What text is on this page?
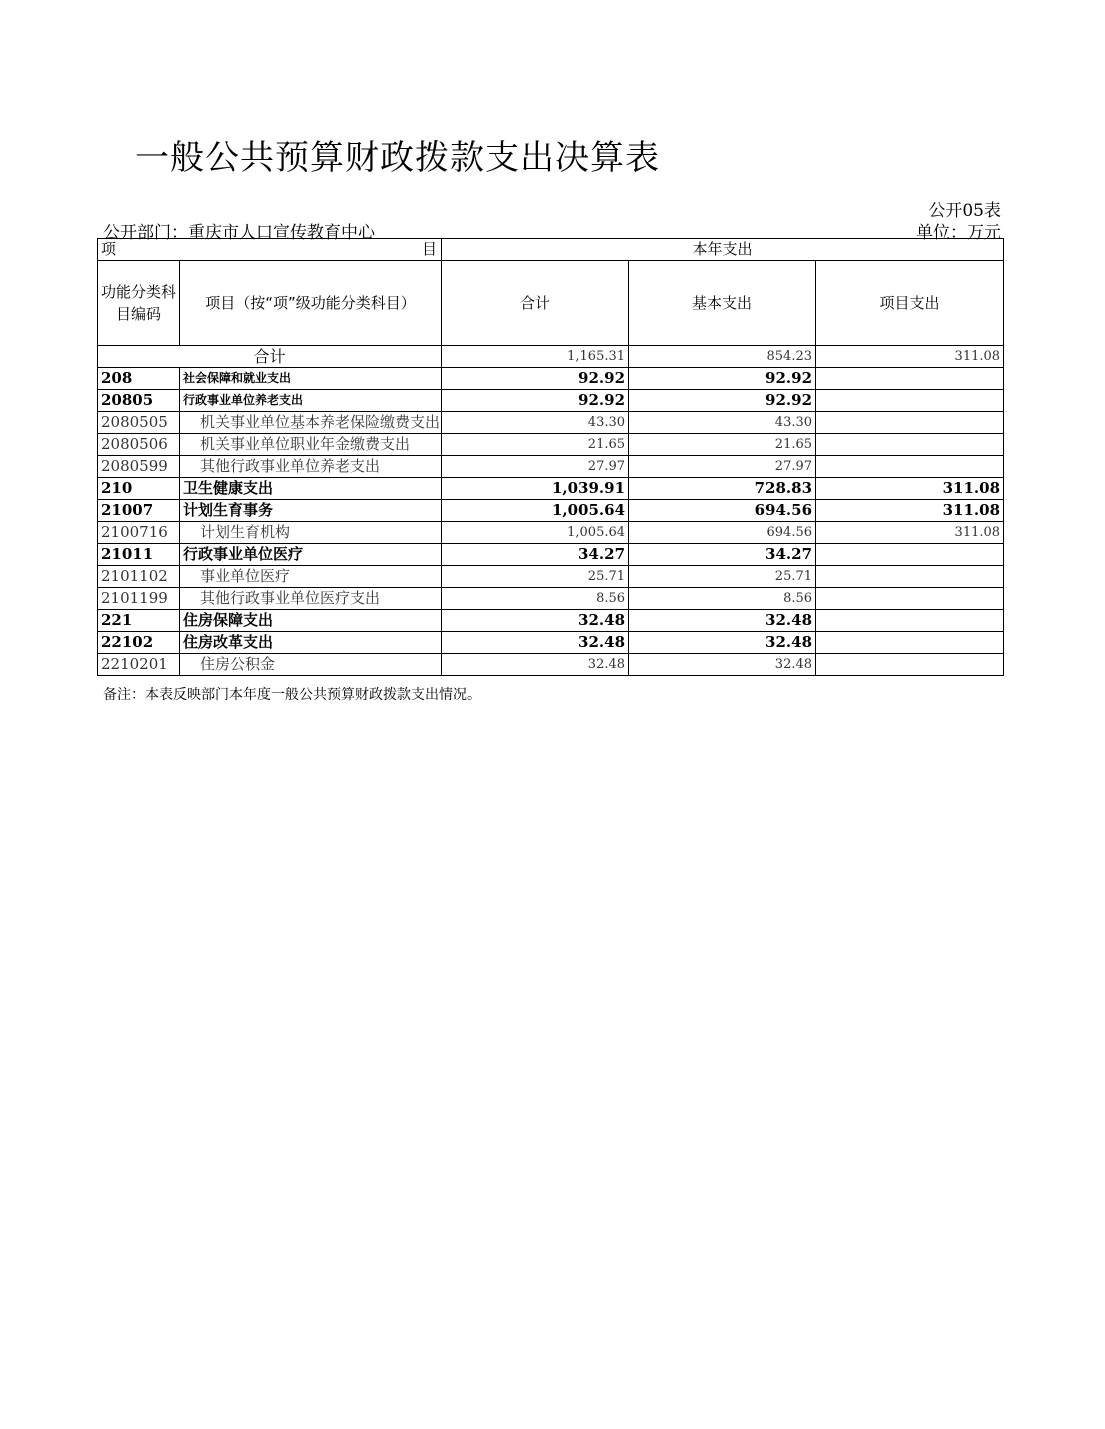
一般公共预算财政拨款支出决算表
公开05表
公开部门：重庆市人口宣传教育中心	单位：万元
项 目		本年支出		
功能分类科目编码	项目（按“项”级功能分类科目）	合计	基本支出	项目支出
合计		1,165.31	854.23	311.08
208	社会保障和就业支出	92.92	92.92	
20805	行政事业单位养老支出	92.92	92.92	
2080505	机关事业单位基本养老保险缴费支出	43.30	43.30	
2080506	机关事业单位职业年金缴费支出	21.65	21.65	
2080599	其他行政事业单位养老支出	27.97	27.97	
210	卫生健康支出	1,039.91	728.83	311.08
21007	计划生育事务	1,005.64	694.56	311.08
2100716	计划生育机构	1,005.64	694.56	311.08
21011	行政事业单位医疗	34.27	34.27	
2101102	事业单位医疗	25.71	25.71	
2101199	其他行政事业单位医疗支出	8.56	8.56	
221	住房保障支出	32.48	32.48	
22102	住房改革支出	32.48	32.48	
2210201	住房公积金	32.48	32.48	
备注：本表反映部门本年度一般公共预算财政拨款支出情况。
